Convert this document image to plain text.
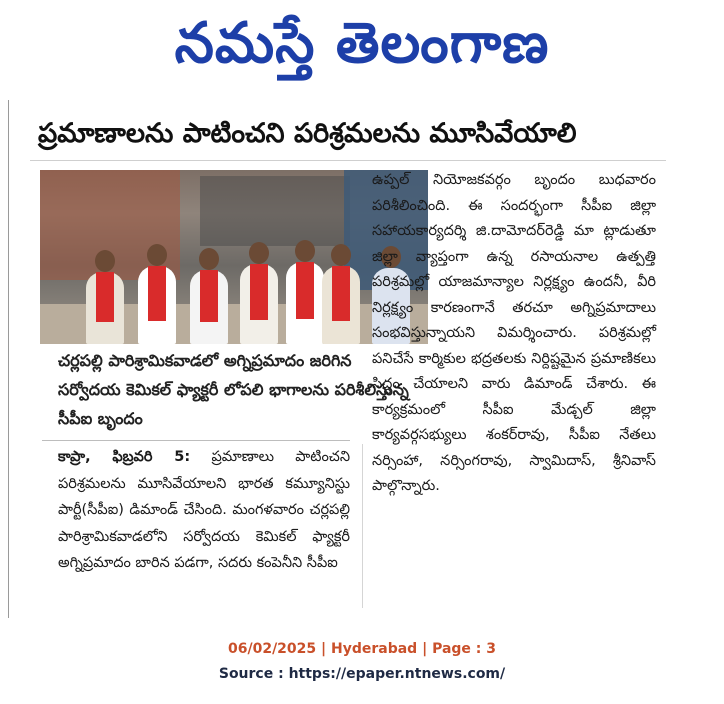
నమస్తే తెలంగాణ
ప్రమాణాలను పాటించని పరిశ్రమలను మూసివేయాలి
చర్లపల్లి పారిశ్రామికవాడలో అగ్నిప్రమాదం జరిగిన సర్వోదయ కెమికల్ ఫ్యాక్టరీ లోపలి భాగాలను పరిశీలిస్తున్న సీపీఐ బృందం
కాప్రా, ఫిబ్రవరి 5: ప్రమాణాలు పాటించని పరిశ్రమలను మూసివేయాలని భారత కమ్యూనిస్టు పార్టీ(సీపీఐ) డిమాండ్ చేసింది. మంగళవారం చర్లపల్లి పారిశ్రామికవాడలోని సర్వోదయ కెమికల్ ఫ్యాక్టరీ అగ్నిప్రమాదం బారిన పడగా, సదరు కంపెనీని సీపీఐ
ఉప్పల్ నియోజకవర్గం బృందం బుధవారం పరిశీలించింది. ఈ సందర్భంగా సీపీఐ జిల్లా సహాయకార్యదర్శి జి.దామోదర్‌రెడ్డి మా ట్లాడుతూ జిల్లా వ్యాప్తంగా ఉన్న రసాయనాల ఉత్పత్తి పరిశ్రమల్లో యాజమాన్యాల నిర్లక్ష్యం ఉందనీ, వీరి నిర్లక్ష్యం కారణంగానే తరచూ అగ్నిప్రమాదాలు సంభవిస్తున్నాయని విమర్శించారు. పరిశ్రమల్లో పనిచేసే కార్మికుల భద్రతలకు నిర్దిష్టమైన ప్రమాణికలు సిద్ధం చేయాలని వారు డిమాండ్ చేశారు. ఈ కార్యక్రమంలో సీపీఐ మేడ్చల్ జిల్లా కార్యవర్గసభ్యులు శంకర్‌రావు, సీపీఐ నేతలు నర్సింహా, నర్సింగరావు, స్వామిదాస్, శ్రీనివాస్ పాల్గొన్నారు.
06/02/2025 | Hyderabad | Page : 3
Source : https://epaper.ntnews.com/
